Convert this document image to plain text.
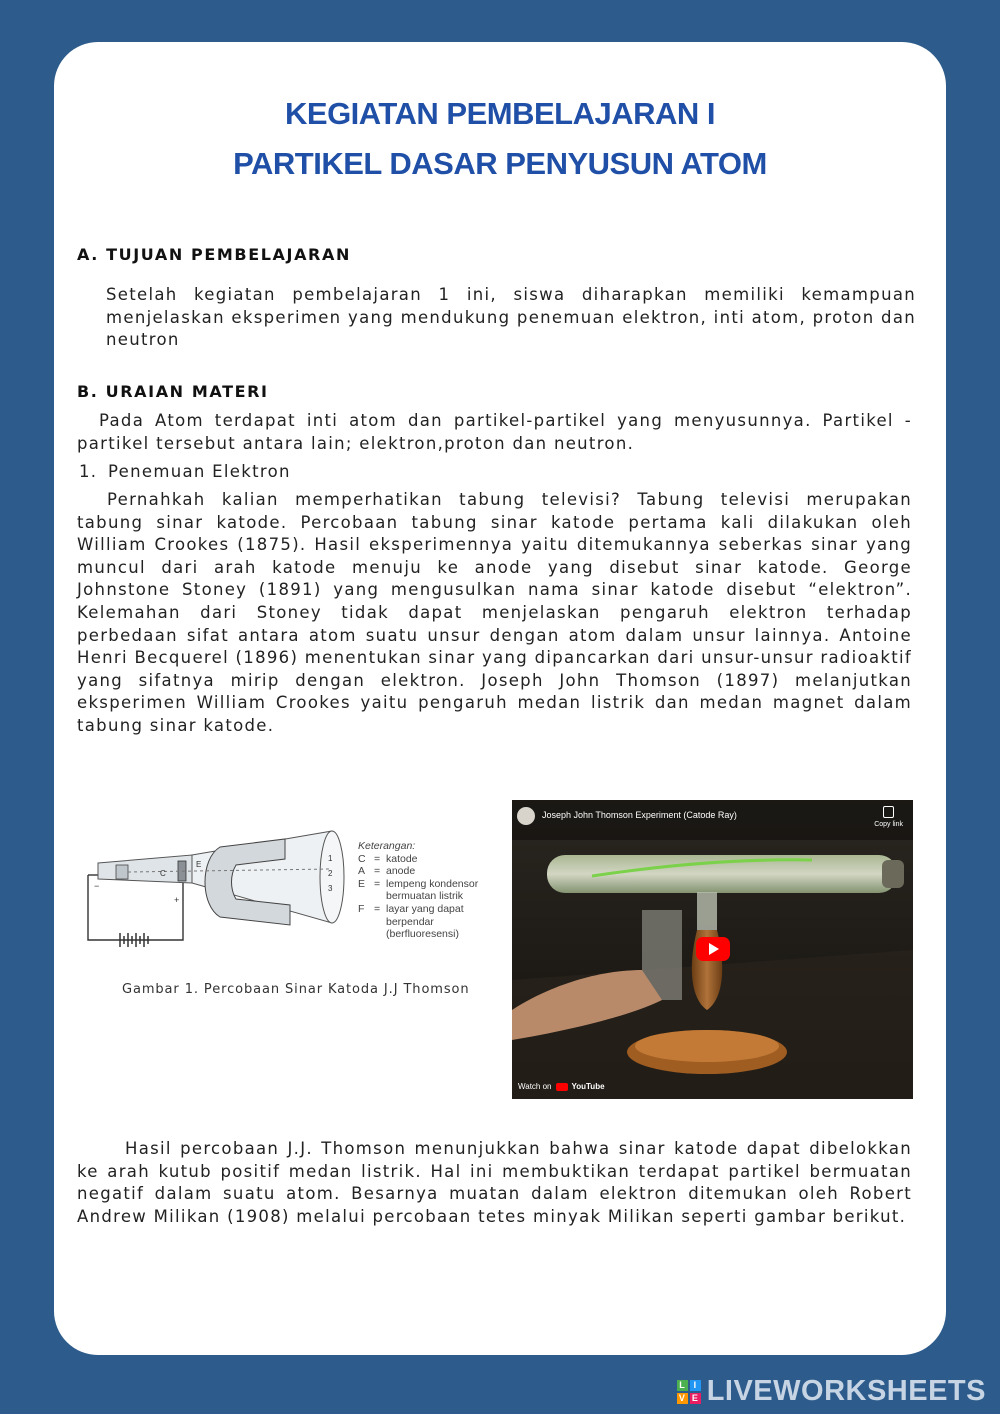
KEGIATAN PEMBELAJARAN I
PARTIKEL DASAR PENYUSUN ATOM
A. TUJUAN PEMBELAJARAN

Setelah kegiatan pembelajaran 1 ini, siswa diharapkan memiliki kemampuan menjelaskan eksperimen yang mendukung penemuan elektron, inti atom, proton dan neutron

B. URAIAN MATERI

Pada Atom terdapat inti atom dan partikel-partikel yang menyusunnya. Partikel - partikel tersebut antara lain; elektron,proton dan neutron.

1. Penemuan Elektron

Pernahkah kalian memperhatikan tabung televisi? Tabung televisi merupakan tabung sinar katode. Percobaan tabung sinar katode pertama kali dilakukan oleh William Crookes (1875). Hasil eksperimennya yaitu ditemukannya seberkas sinar yang muncul dari arah katode menuju ke anode yang disebut sinar katode. George Johnstone Stoney (1891) yang mengusulkan nama sinar katode disebut “elektron”. Kelemahan dari Stoney tidak dapat menjelaskan pengaruh elektron terhadap perbedaan sifat antara atom suatu unsur dengan atom dalam unsur lainnya. Antoine Henri Becquerel (1896) menentukan sinar yang dipancarkan dari unsur-unsur radioaktif yang sifatnya mirip dengan elektron. Joseph John Thomson (1897) melanjutkan eksperimen William Crookes yaitu pengaruh medan listrik dan medan magnet dalam tabung sinar katode.

−
+
C
E
1
2
3
Keterangan:
C = katode
A = anode
E = lempeng kondensor bermuatan listrik
F = layar yang dapat berpendar (berfluoresensi)
Gambar 1. Percobaan Sinar Katoda J.J Thomson
Joseph John Thomson Experiment (Catode Ray)
Copy link
Watch on	YouTube

Hasil percobaan J.J. Thomson menunjukkan bahwa sinar katode dapat dibelokkan ke arah kutub positif medan listrik. Hal ini membuktikan terdapat partikel bermuatan negatif dalam suatu atom. Besarnya muatan dalam elektron ditemukan oleh Robert Andrew Milikan (1908) melalui percobaan tetes minyak Milikan seperti gambar berikut.

L I
V E LIVEWORKSHEETS
